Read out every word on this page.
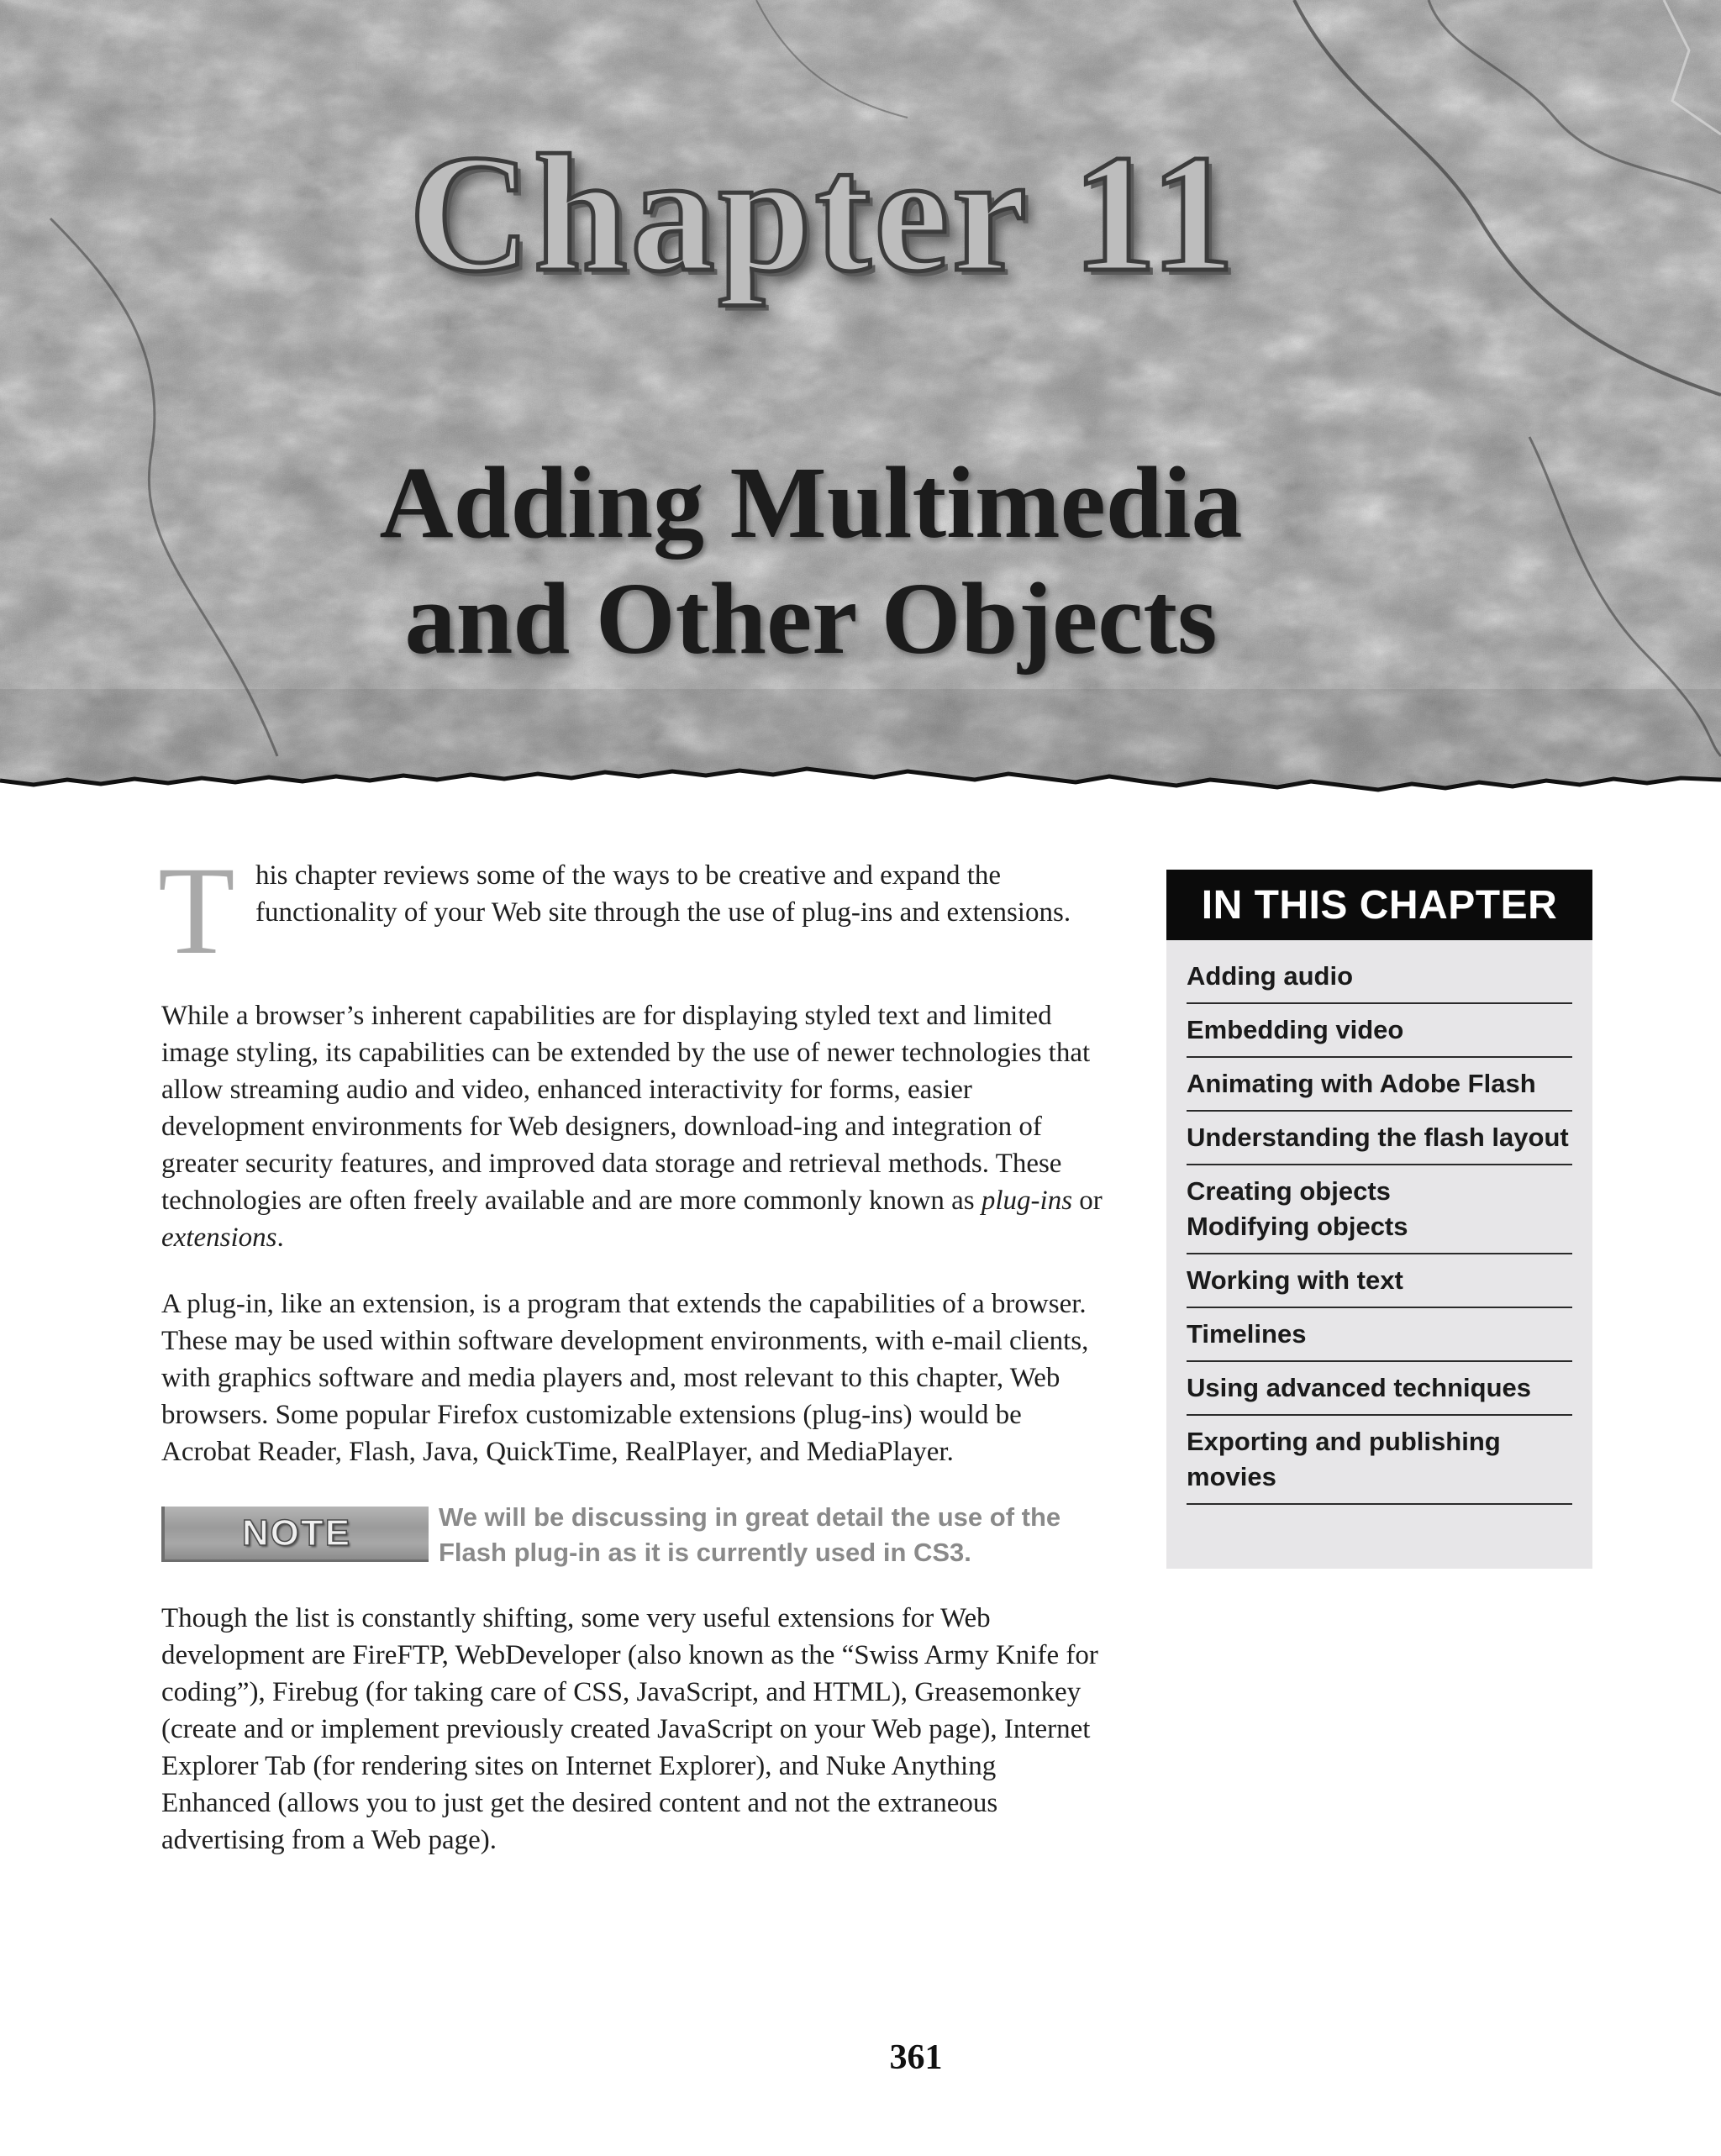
Chapter 11
Adding Multimedia
and Other Objects

T his chapter reviews some of the ways to be creative and expand the functionality of your Web site through the use of plug-ins and extensions.

While a browser’s inherent capabilities are for displaying styled text and limited image styling, its capabilities can be extended by the use of newer technologies that allow streaming audio and video, enhanced interactivity for forms, easier development environments for Web designers, download-ing and integration of greater security features, and improved data storage and retrieval methods. These technologies are often freely available and are more commonly known as plug-ins or extensions.

A plug-in, like an extension, is a program that extends the capabilities of a browser. These may be used within software development environments, with e-mail clients, with graphics software and media players and, most relevant to this chapter, Web browsers. Some popular Firefox customizable extensions (plug-ins) would be Acrobat Reader, Flash, Java, QuickTime, RealPlayer, and MediaPlayer.

NOTE	We will be discussing in great detail the use of the Flash plug-in as it is currently used in CS3.

Though the list is constantly shifting, some very useful extensions for Web development are FireFTP, WebDeveloper (also known as the “Swiss Army Knife for coding”), Firebug (for taking care of CSS, JavaScript, and HTML), Greasemonkey (create and or implement previously created JavaScript on your Web page), Internet Explorer Tab (for rendering sites on Internet Explorer), and Nuke Anything Enhanced (allows you to just get the desired content and not the extraneous advertising from a Web page).

IN THIS CHAPTER
Adding audio
Embedding video
Animating with Adobe Flash
Understanding the flash layout
Creating objects
Modifying objects
Working with text
Timelines
Using advanced techniques
Exporting and publishing movies
361
